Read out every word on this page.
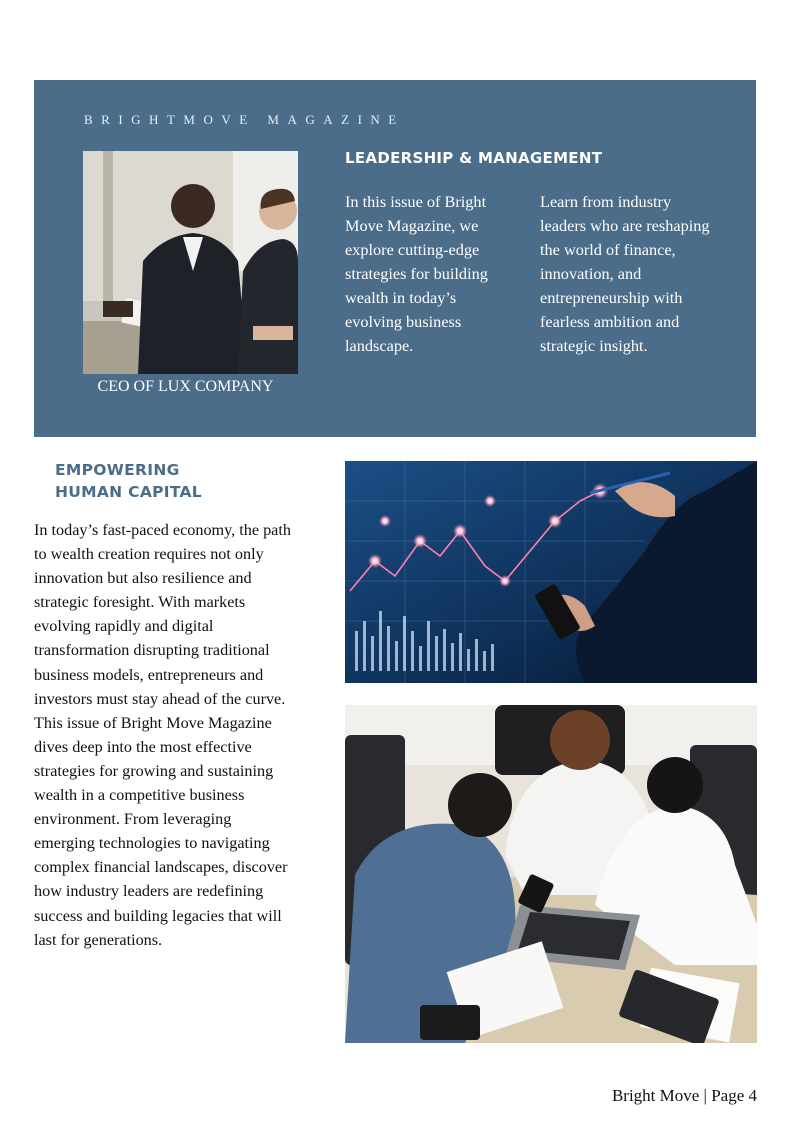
BRIGHTMOVE MAGAZINE
CEO OF LUX COMPANY
LEADERSHIP & MANAGEMENT
In this issue of Bright Move Magazine, we explore cutting-edge strategies for building wealth in today’s evolving business landscape.
Learn from industry leaders who are reshaping the world of finance, innovation, and entrepreneurship with fearless ambition and strategic insight.
EMPOWERING
HUMAN CAPITAL

In today’s fast-paced economy, the path to wealth creation requires not only innovation but also resilience and strategic foresight. With markets evolving rapidly and digital transformation disrupting traditional business models, entrepreneurs and investors must stay ahead of the curve. This issue of Bright Move Magazine dives deep into the most effective strategies for growing and sustaining wealth in a competitive business environment. From leveraging emerging technologies to navigating complex financial landscapes, discover how industry leaders are redefining success and building legacies that will last for generations.

Bright Move | Page 4
